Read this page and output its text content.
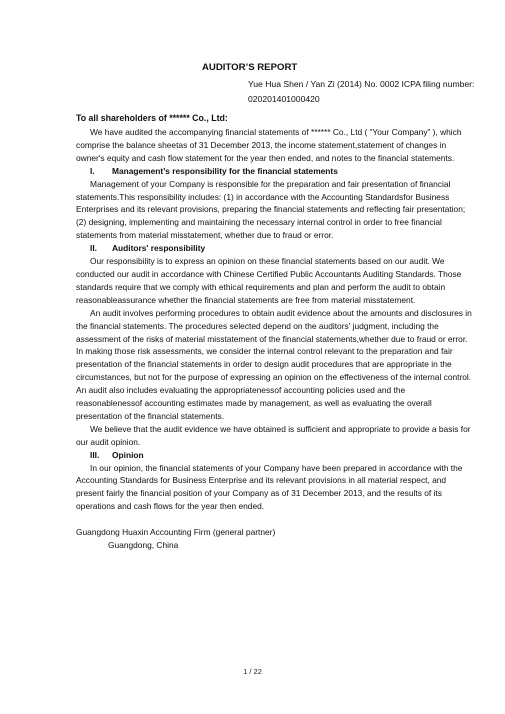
AUDITOR’S REPORT
Yue Hua Shen / Yan Zi (2014) No. 0002 ICPA filing number: 020201401000420

To all shareholders of ****** Co., Ltd:

We have audited the accompanying financial statements of ****** Co., Ltd ( “Your Company” ), which comprise the balance sheetas of 31 December 2013, the income statement,statement of changes in owner's equity and cash flow statement for the year then ended, and notes to the financial statements.

I. Management’s responsibility for the financial statements

Management of your Company is responsible for the preparation and fair presentation of financial statements.This responsibility includes: (1) in accordance with the Accounting Standardsfor Business Enterprises and its relevant provisions, preparing the financial statements and reflecting fair presentation; (2) designing, implementing and maintaining the necessary internal control in order to free financial statements from material misstatement, whether due to fraud or error.

II. Auditors' responsibility

Our responsibility is to express an opinion on these financial statements based on our audit. We conducted our audit in accordance with Chinese Certified Public Accountants Auditing Standards. Those standards require that we comply with ethical requirements and plan and perform the audit to obtain reasonableassurance whether the financial statements are free from material misstatement.

An audit involves performing procedures to obtain audit evidence about the amounts and disclosures in the financial statements. The procedures selected depend on the auditors' judgment, including the assessment of the risks of material misstatement of the financial statements,whether due to fraud or error. In making those risk assessments, we consider the internal control relevant to the preparation and fair presentation of the financial statements in order to design audit procedures that are appropriate in the circumstances, but not for the purpose of expressing an opinion on the effectiveness of the internal control. An audit also includes evaluating the appropriatenessof accounting policies used and the reasonablenessof accounting estimates made by management, as well as evaluating the overall presentation of the financial statements.

We believe that the audit evidence we have obtained is sufficient and appropriate to provide a basis for our audit opinion.

III. Opinion

In our opinion, the financial statements of your Company have been prepared in accordance with the Accounting Standards for Business Enterprise and its relevant provisions in all material respect, and present fairly the financial position of your Company as of 31 December 2013, and the results of its operations and cash flows for the year then ended.

Guangdong Huaxin Accounting Firm (general partner)

Guangdong, China

1 / 22
